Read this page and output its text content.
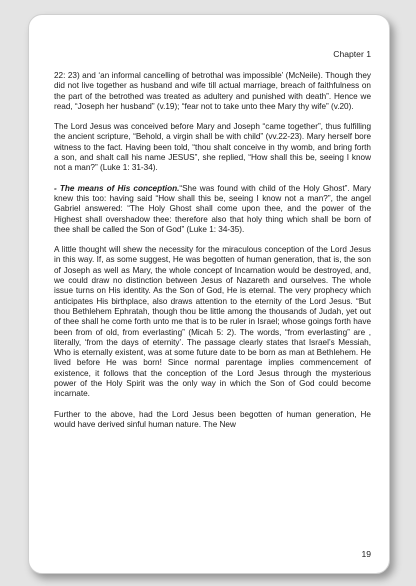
Chapter 1

22: 23) and ‘an informal cancelling of betrothal was impossible’ (McNeile). Though they did not live together as husband and wife till actual marriage, breach of faithfulness on the part of the betrothed was treated as adultery and punished with death”. Hence we read, “Joseph her husband” (v.19); “fear not to take unto thee Mary thy wife” (v.20).

The Lord Jesus was conceived before Mary and Joseph “came together”, thus fulfilling the ancient scripture, “Behold, a virgin shall be with child” (vv.22-23). Mary herself bore witness to the fact. Having been told, “thou shalt conceive in thy womb, and bring forth a son, and shalt call his name JESUS”, she replied, “How shall this be, seeing I know not a man?” (Luke 1: 31-34).

- The means of His conception.“She was found with child of the Holy Ghost”. Mary knew this too: having said “How shall this be, seeing I know not a man?”, the angel Gabriel answered: “The Holy Ghost shall come upon thee, and the power of the Highest shall overshadow thee: therefore also that holy thing which shall be born of thee shall be called the Son of God” (Luke 1: 34-35).

A little thought will shew the necessity for the miraculous conception of the Lord Jesus in this way. If, as some suggest, He was begotten of human generation, that is, the son of Joseph as well as Mary, the whole concept of Incarnation would be destroyed, and, we could draw no distinction between Jesus of Nazareth and ourselves. The whole issue turns on His identity. As the Son of God, He is eternal. The very prophecy which anticipates His birthplace, also draws attention to the eternity of the Lord Jesus. “But thou Bethlehem Ephratah, though thou be little among the thousands of Judah, yet out of thee shall he come forth unto me that is to be ruler in Israel; whose goings forth have been from of old, from everlasting” (Micah 5: 2). The words, “from everlasting” are , literally, ‘from the days of eternity’. The passage clearly states that Israel’s Messiah, Who is eternally existent, was at some future date to be born as man at Bethlehem. He lived before He was born! Since normal parentage implies commencement of existence, it follows that the conception of the Lord Jesus through the mysterious power of the Holy Spirit was the only way in which the Son of God could become incarnate.

Further to the above, had the Lord Jesus been begotten of human generation, He would have derived sinful human nature. The New

19
